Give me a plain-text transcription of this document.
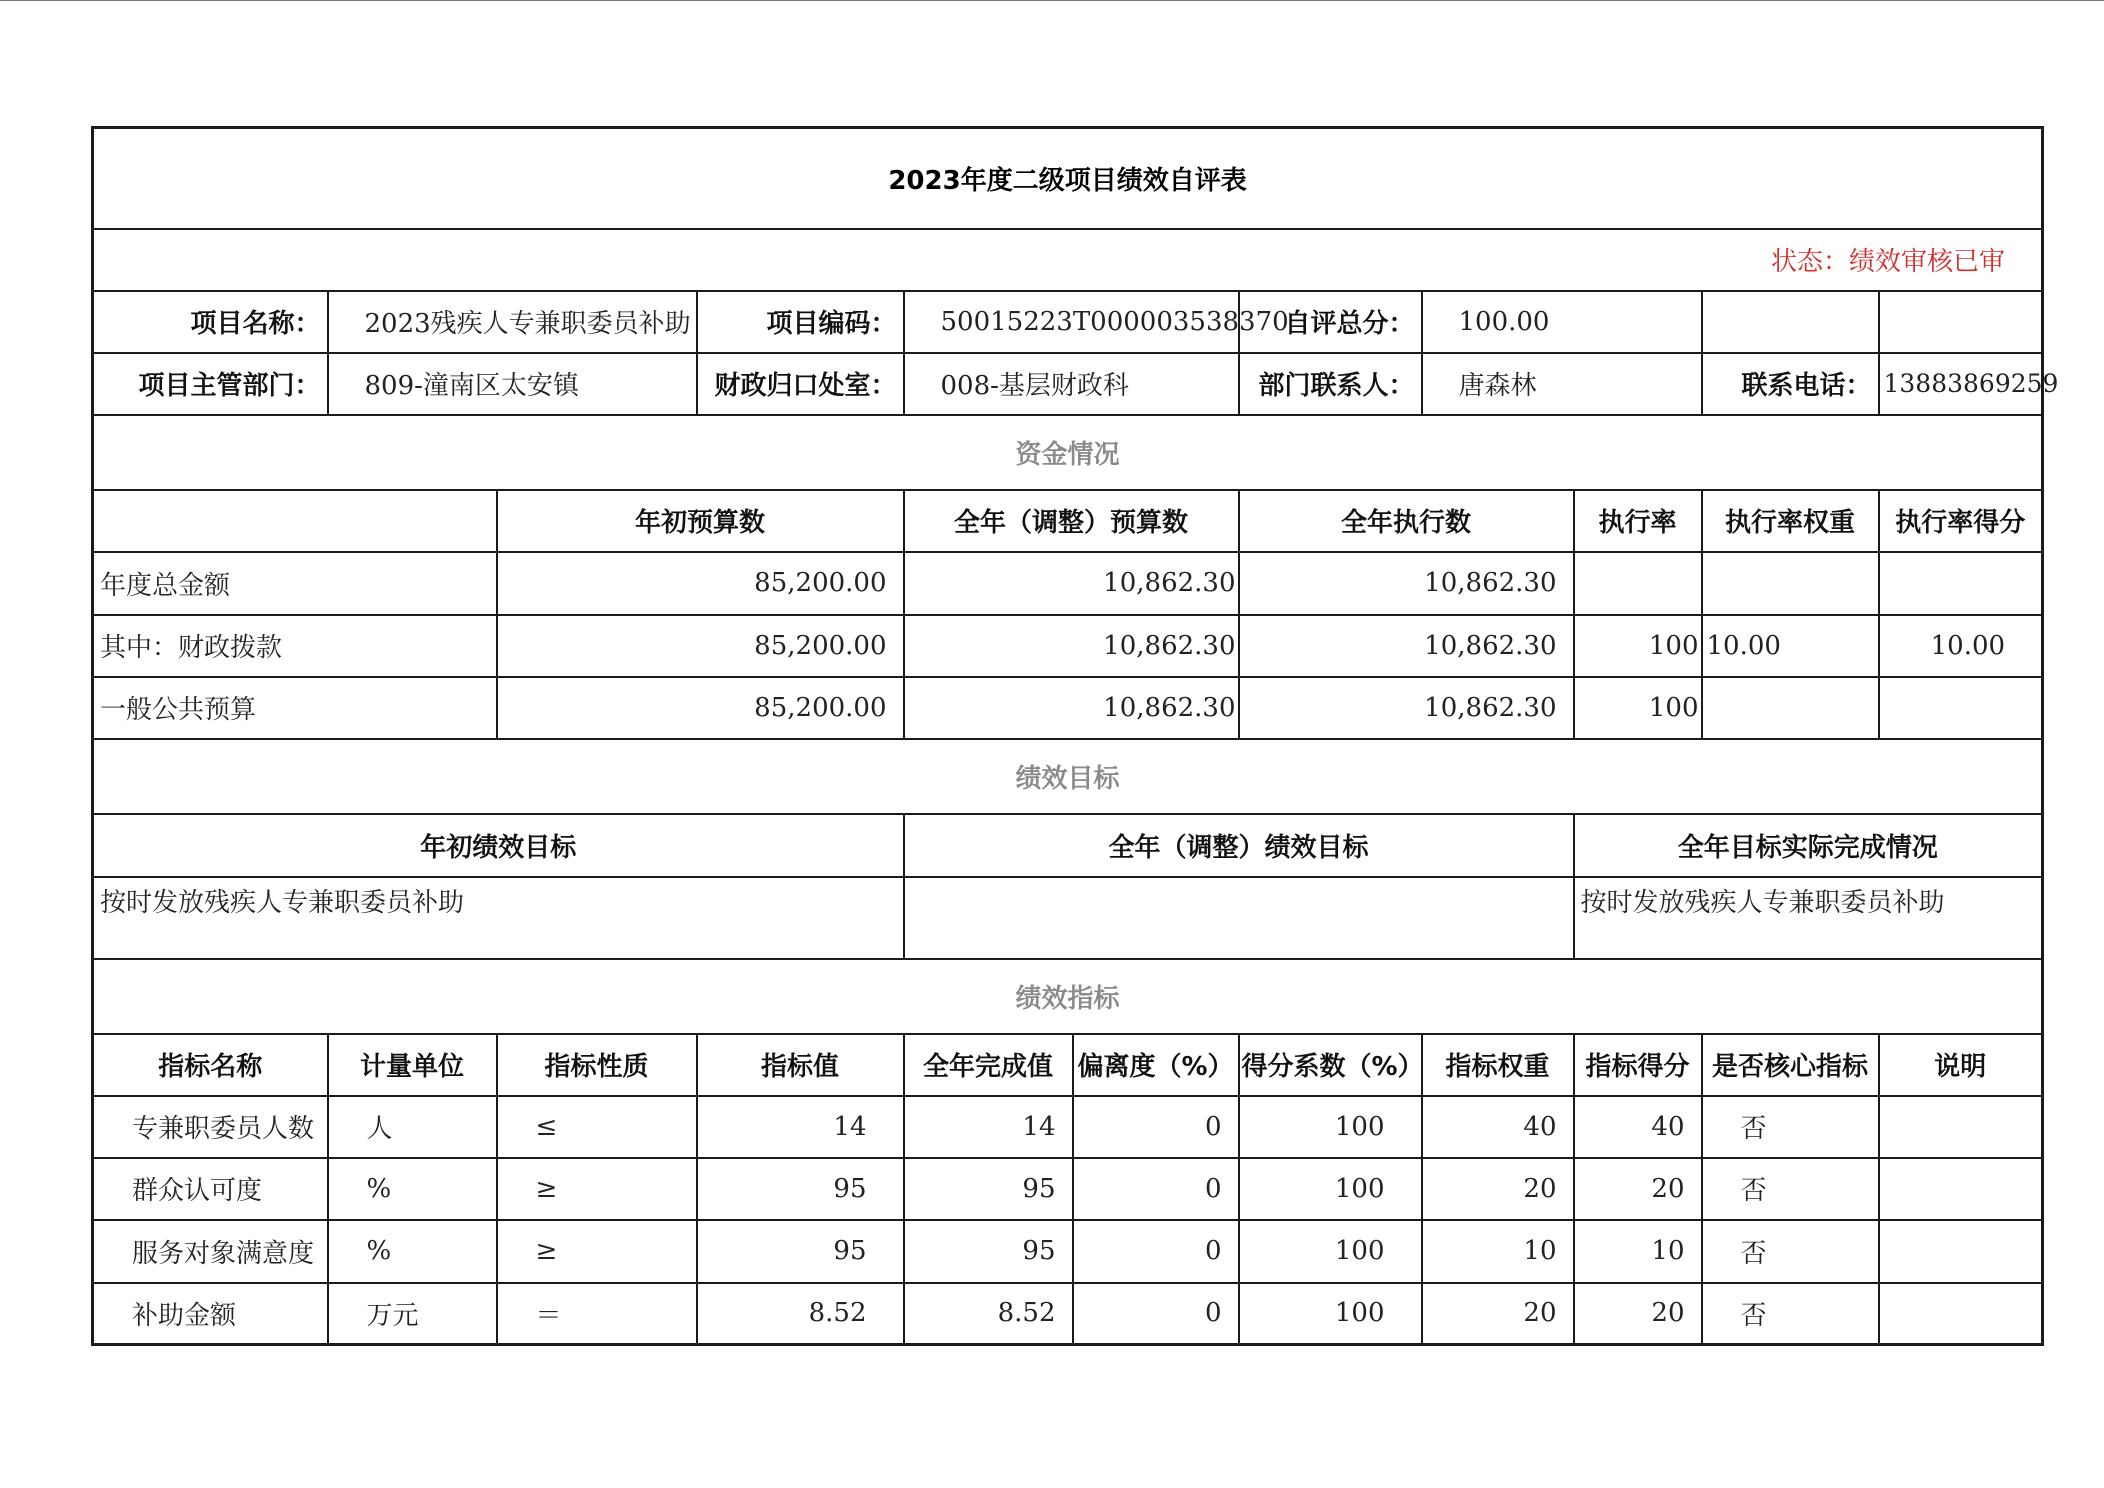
2023年度二级项目绩效自评表										
状态：绩效审核已审										
项目名称：	2023残疾人专兼职委员补助		项目编码：	50015223T000003538370		自评总分：	100.00			
项目主管部门：	809-潼南区太安镇		财政归口处室：	008-基层财政科		部门联系人：	唐森林		联系电话：	13883869259
资金情况										
		年初预算数		全年（调整）预算数		全年执行数		执行率	执行率权重	执行率得分
年度总金额		85,200.00		10,862.30		10,862.30				
其中：财政拨款		85,200.00		10,862.30		10,862.30		100	10.00	10.00
一般公共预算		85,200.00		10,862.30		10,862.30		100		
绩效目标										
年初绩效目标				全年（调整）绩效目标				全年目标实际完成情况		
按时发放残疾人专兼职委员补助								按时发放残疾人专兼职委员补助		
绩效指标										
指标名称	计量单位	指标性质	指标值	全年完成值	偏离度（%）	得分系数（%）	指标权重	指标得分	是否核心指标	说明
专兼职委员人数	人	≤	14	14	0	100	40	40	否	
群众认可度	%	≥	95	95	0	100	20	20	否	
服务对象满意度	%	≥	95	95	0	100	10	10	否	
补助金额	万元	＝	8.52	8.52	0	100	20	20	否	
